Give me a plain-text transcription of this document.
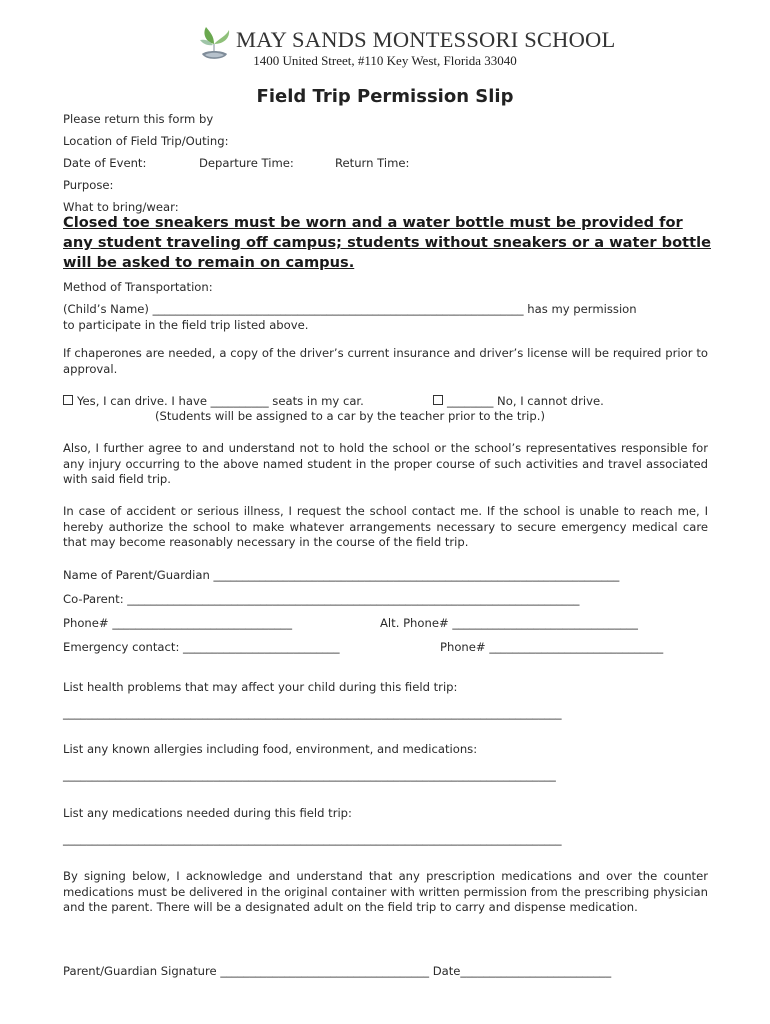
MAY SANDS MONTESSORI SCHOOL
1400 United Street, #110 Key West, Florida 33040
Field Trip Permission Slip
Please return this form by
Location of Field Trip/Outing:
Date of Event:	Departure Time:	Return Time:
Purpose:
What to bring/wear:
Closed toe sneakers must be worn and a water bottle must be provided for any student traveling off campus; students without sneakers or a water bottle will be asked to remain on campus.
Method of Transportation:
(Child’s Name) ________________________________________________________________ has my permission
to participate in the field trip listed above.
If chaperones are needed, a copy of the driver’s current insurance and driver’s license will be required prior to approval.
Yes, I can drive. I have __________ seats in my car.	________ No, I cannot drive.
(Students will be assigned to a car by the teacher prior to the trip.)
Also, I further agree to and understand not to hold the school or the school’s representatives responsible for any injury occurring to the above named student in the proper course of such activities and travel associated with said field trip.
In case of accident or serious illness, I request the school contact me. If the school is unable to reach me, I hereby authorize the school to make whatever arrangements necessary to secure emergency medical care that may become reasonably necessary in the course of the field trip.
Name of Parent/Guardian ______________________________________________________________________
Co-Parent: ______________________________________________________________________________
Phone# _______________________________	Alt. Phone# ________________________________
Emergency contact: ___________________________	Phone# ______________________________
List health problems that may affect your child during this field trip:
______________________________________________________________________________________
List any known allergies including food, environment, and medications:
_____________________________________________________________________________________
List any medications needed during this field trip:
______________________________________________________________________________________
By signing below, I acknowledge and understand that any prescription medications and over the counter medications must be delivered in the original container with written permission from the prescribing physician and the parent. There will be a designated adult on the field trip to carry and dispense medication.
Parent/Guardian Signature ____________________________________ Date__________________________
